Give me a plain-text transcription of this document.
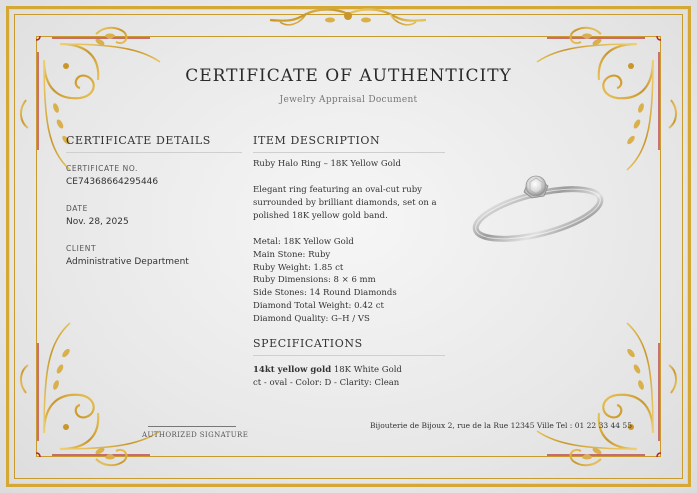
CERTIFICATE OF AUTHENTICITY
Jewelry Appraisal Document
CERTIFICATE DETAILS
CERTIFICATE NO.
CE74368664295446
DATE
Nov. 28, 2025
CLIENT
Administrative Department
ITEM DESCRIPTION
Ruby Halo Ring – 18K Yellow Gold
Elegant ring featuring an oval-cut ruby
surrounded by brilliant diamonds, set on a
polished 18K yellow gold band.
Metal: 18K Yellow Gold
Main Stone: Ruby
Ruby Weight: 1.85 ct
Ruby Dimensions: 8 × 6 mm
Side Stones: 14 Round Diamonds
Diamond Total Weight: 0.42 ct
Diamond Quality: G–H / VS
SPECIFICATIONS
14kt yellow gold 18K White Gold
ct - oval - Color: D - Clarity: Clean
AUTHORIZED SIGNATURE
Bijouterie de Bijoux 2, rue de la Rue 12345 Ville Tel : 01 22 33 44 55
